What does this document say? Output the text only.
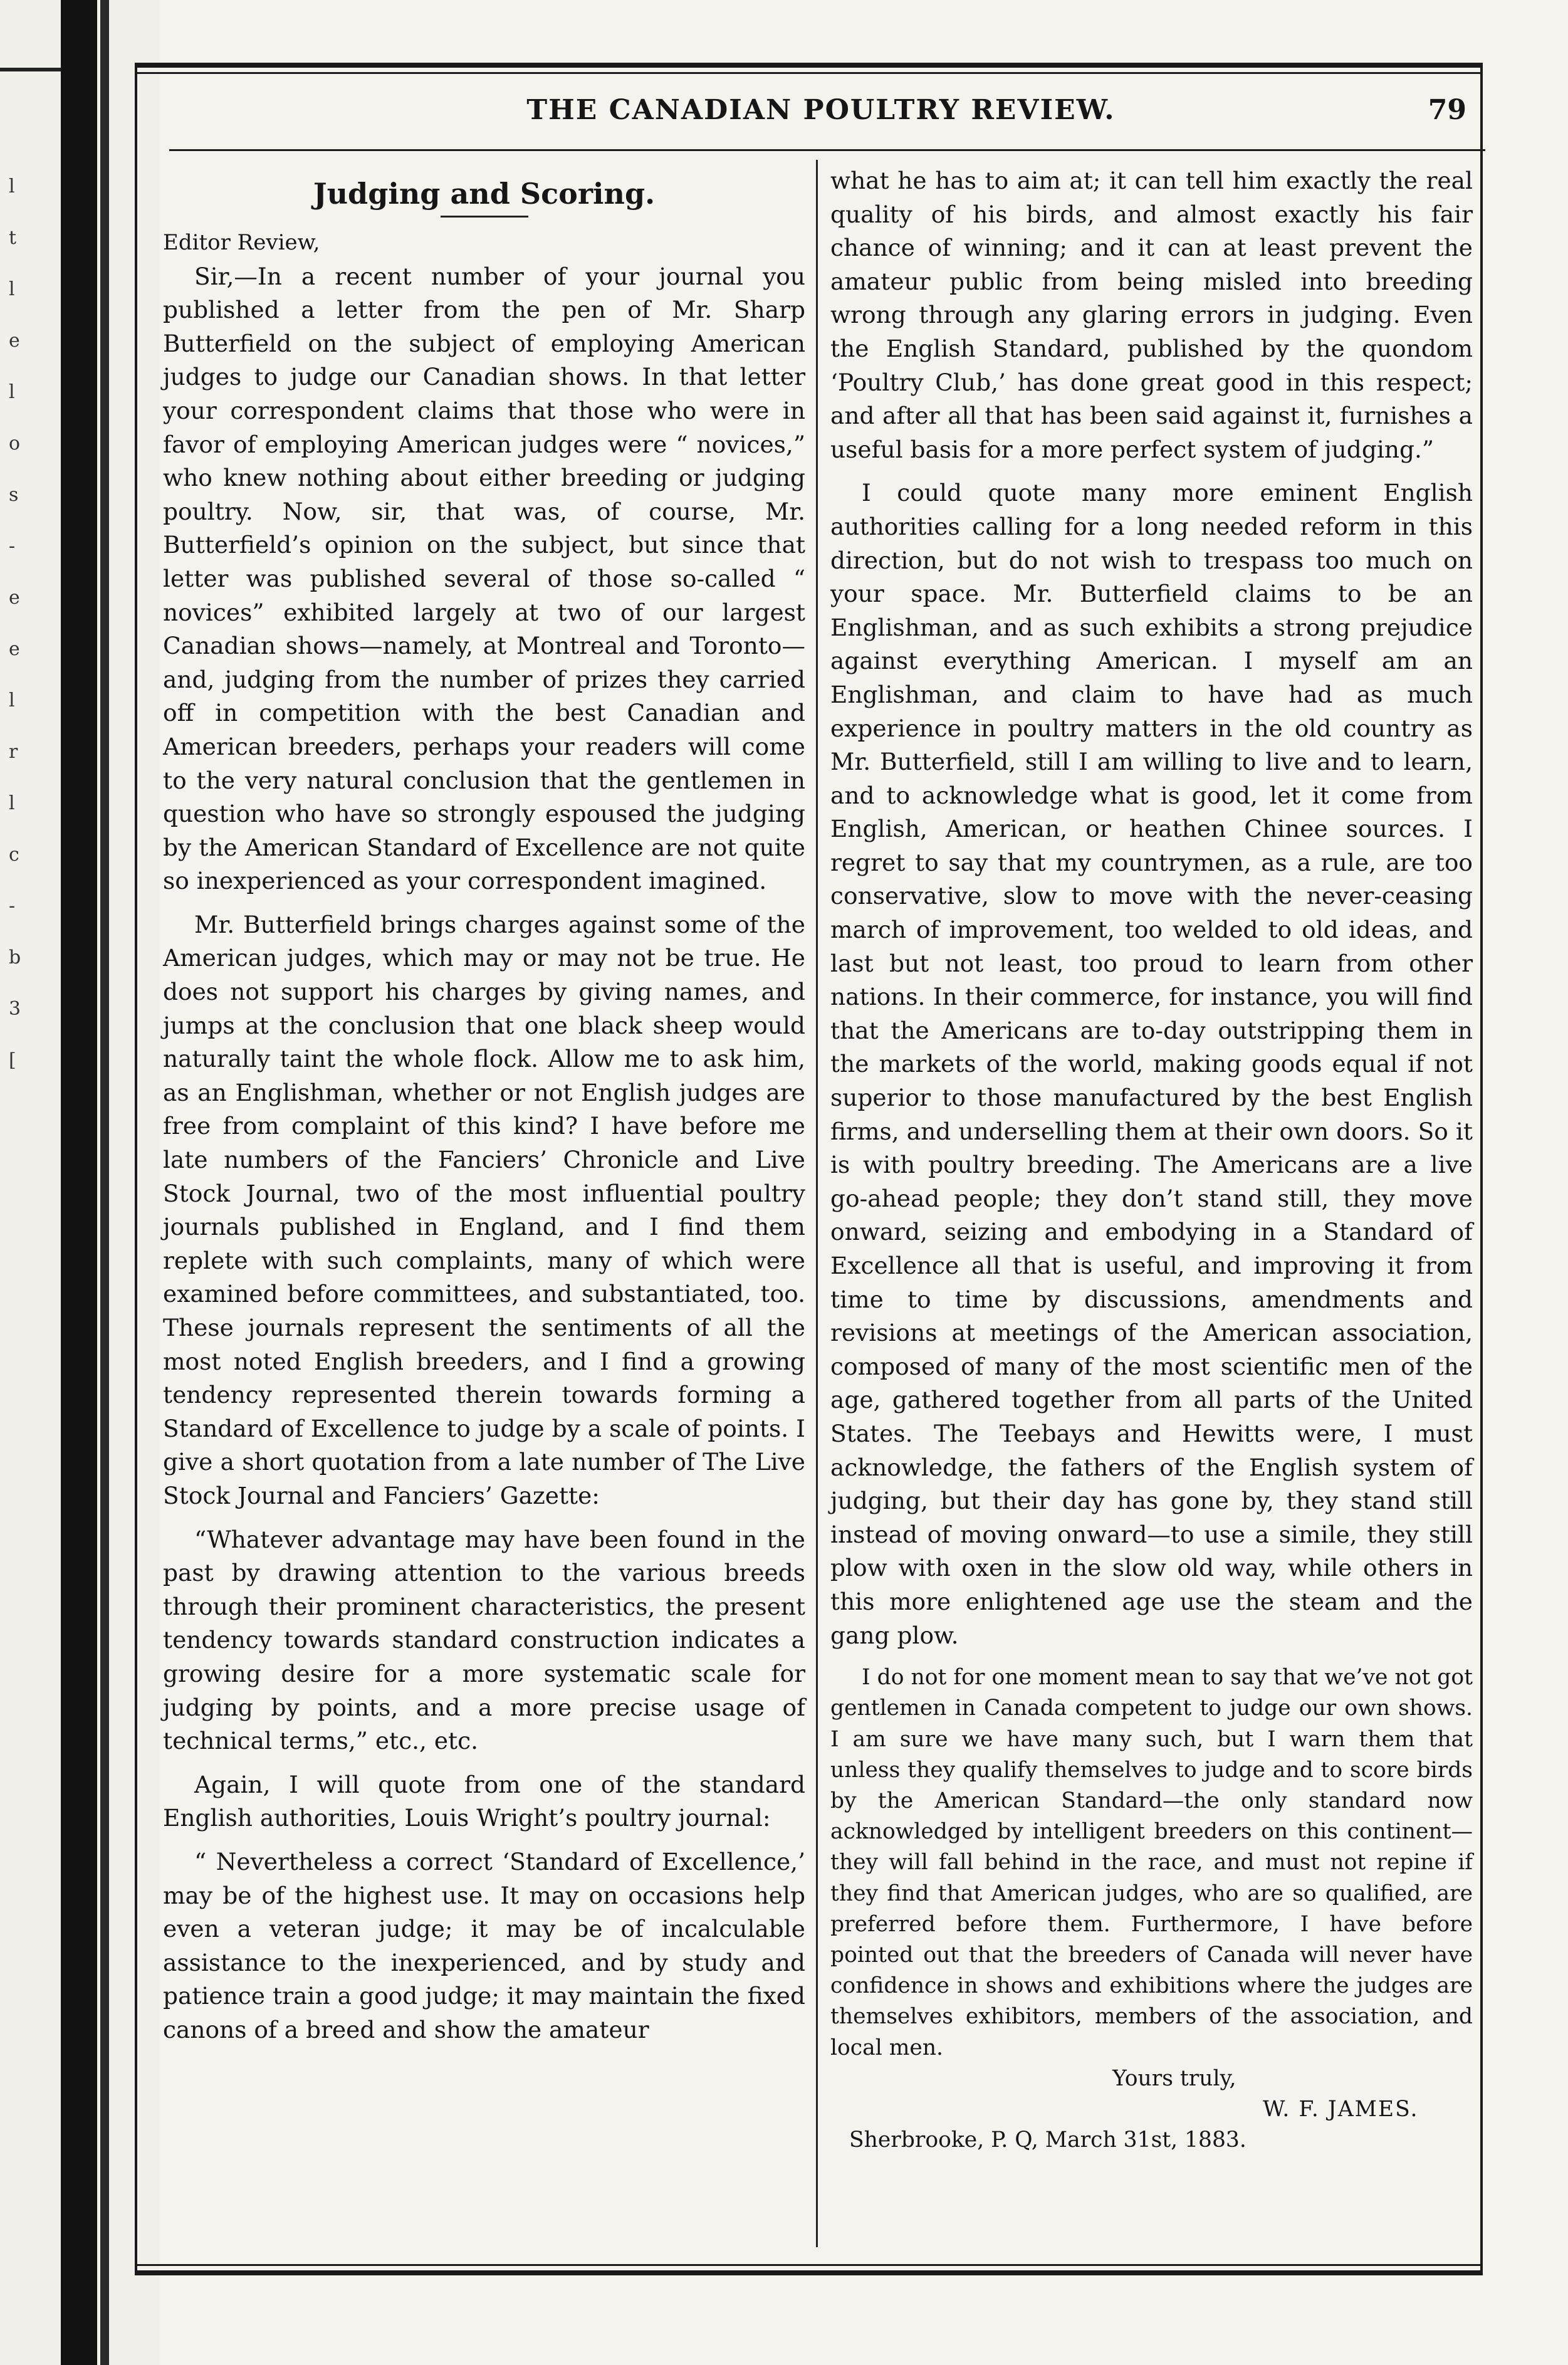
l
t
l
e
l
o
s
-
e
e
l
r
l
c
-
b
3
[
THE CANADIAN POULTRY REVIEW.	79
Judging and Scoring.

Editor Review,

Sir,—In a recent number of your journal you published a letter from the pen of Mr. Sharp Butterfield on the subject of employing American judges to judge our Canadian shows. In that letter your correspondent claims that those who were in favor of employing American judges were “ novices,” who knew nothing about either breeding or judging poultry. Now, sir, that was, of course, Mr. Butterfield’s opinion on the subject, but since that letter was published several of those so-called “ novices” exhibited largely at two of our largest Canadian shows—namely, at Montreal and Toronto—and, judging from the number of prizes they carried off in competition with the best Canadian and American breeders, perhaps your readers will come to the very natural conclusion that the gentlemen in question who have so strongly espoused the judging by the American Standard of Excellence are not quite so inexperienced as your correspondent imagined.

Mr. Butterfield brings charges against some of the American judges, which may or may not be true. He does not support his charges by giving names, and jumps at the conclusion that one black sheep would naturally taint the whole flock. Allow me to ask him, as an Englishman, whether or not English judges are free from complaint of this kind? I have before me late numbers of the Fanciers’ Chronicle and Live Stock Journal, two of the most influential poultry journals published in England, and I find them replete with such complaints, many of which were examined before committees, and substantiated, too. These journals represent the sentiments of all the most noted English breeders, and I find a growing tendency represented therein towards forming a Standard of Excellence to judge by a scale of points. I give a short quotation from a late number of The Live Stock Journal and Fanciers’ Gazette:

“Whatever advantage may have been found in the past by drawing attention to the various breeds through their prominent characteristics, the present tendency towards standard construction indicates a growing desire for a more systematic scale for judging by points, and a more precise usage of technical terms,” etc., etc.

Again, I will quote from one of the standard English authorities, Louis Wright’s poultry journal:

“ Nevertheless a correct ‘Standard of Excellence,’ may be of the highest use. It may on occasions help even a veteran judge; it may be of incalculable assistance to the inexperienced, and by study and patience train a good judge; it may maintain the fixed canons of a breed and show the amateur

what he has to aim at; it can tell him exactly the real quality of his birds, and almost exactly his fair chance of winning; and it can at least prevent the amateur public from being misled into breeding wrong through any glaring errors in judging. Even the English Standard, published by the quondom ‘Poultry Club,’ has done great good in this respect; and after all that has been said against it, furnishes a useful basis for a more perfect system of judging.”

I could quote many more eminent English authorities calling for a long needed reform in this direction, but do not wish to trespass too much on your space. Mr. Butterfield claims to be an Englishman, and as such exhibits a strong prejudice against everything American. I myself am an Englishman, and claim to have had as much experience in poultry matters in the old country as Mr. Butterfield, still I am willing to live and to learn, and to acknowledge what is good, let it come from English, American, or heathen Chinee sources. I regret to say that my countrymen, as a rule, are too conservative, slow to move with the never-ceasing march of improvement, too welded to old ideas, and last but not least, too proud to learn from other nations. In their commerce, for instance, you will find that the Americans are to-day outstripping them in the markets of the world, making goods equal if not superior to those manufactured by the best English firms, and underselling them at their own doors. So it is with poultry breeding. The Americans are a live go-ahead people; they don’t stand still, they move onward, seizing and embodying in a Standard of Excellence all that is useful, and improving it from time to time by discussions, amendments and revisions at meetings of the American association, composed of many of the most scientific men of the age, gathered together from all parts of the United States. The Teebays and Hewitts were, I must acknowledge, the fathers of the English system of judging, but their day has gone by, they stand still instead of moving onward—to use a simile, they still plow with oxen in the slow old way, while others in this more enlightened age use the steam and the gang plow.

I do not for one moment mean to say that we’ve not got gentlemen in Canada competent to judge our own shows. I am sure we have many such, but I warn them that unless they qualify themselves to judge and to score birds by the American Standard—the only standard now acknowledged by intelligent breeders on this continent—they will fall behind in the race, and must not repine if they find that American judges, who are so qualified, are preferred before them. Furthermore, I have before pointed out that the breeders of Canada will never have confidence in shows and exhibitions where the judges are themselves exhibitors, members of the association, and local men.

Yours truly,

W. F. JAMES.

Sherbrooke, P. Q, March 31st, 1883.
